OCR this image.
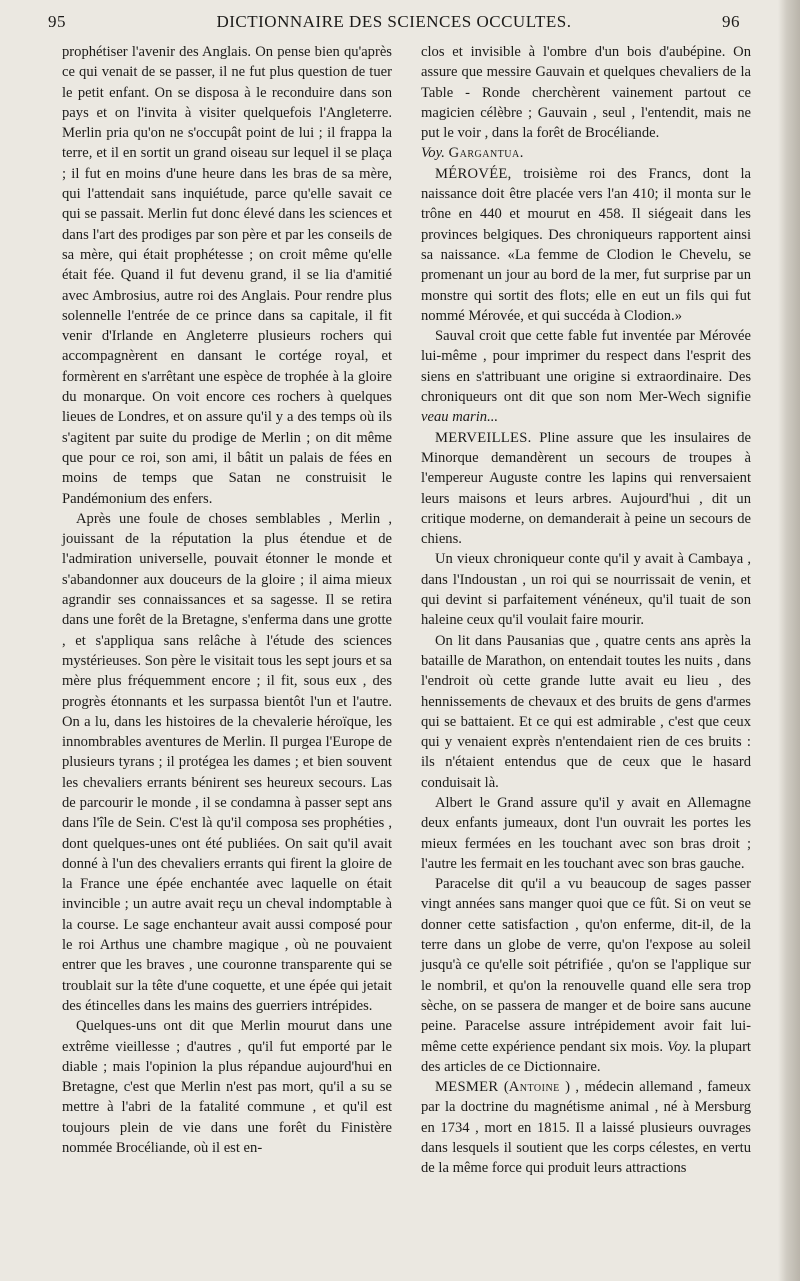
95	DICTIONNAIRE DES SCIENCES OCCULTES.	96

prophétiser l'avenir des Anglais. On pense bien qu'après ce qui venait de se passer, il ne fut plus question de tuer le petit enfant. On se disposa à le reconduire dans son pays et on l'invita à visiter quelquefois l'Angleterre. Merlin pria qu'on ne s'occupât point de lui ; il frappa la terre, et il en sortit un grand oiseau sur lequel il se plaça ; il fut en moins d'une heure dans les bras de sa mère, qui l'attendait sans inquiétude, parce qu'elle savait ce qui se passait. Merlin fut donc élevé dans les sciences et dans l'art des prodiges par son père et par les conseils de sa mère, qui était prophétesse ; on croit même qu'elle était fée. Quand il fut devenu grand, il se lia d'amitié avec Ambrosius, autre roi des Anglais. Pour rendre plus solennelle l'entrée de ce prince dans sa capitale, il fit venir d'Irlande en Angleterre plusieurs rochers qui accompagnèrent en dansant le cortége royal, et formèrent en s'arrêtant une espèce de trophée à la gloire du monarque. On voit encore ces rochers à quelques lieues de Londres, et on assure qu'il y a des temps où ils s'agitent par suite du prodige de Merlin ; on dit même que pour ce roi, son ami, il bâtit un palais de fées en moins de temps que Satan ne construisit le Pandémonium des enfers.

Après une foule de choses semblables , Merlin , jouissant de la réputation la plus étendue et de l'admiration universelle, pouvait étonner le monde et s'abandonner aux douceurs de la gloire ; il aima mieux agrandir ses connaissances et sa sagesse. Il se retira dans une forêt de la Bretagne, s'enferma dans une grotte , et s'appliqua sans relâche à l'étude des sciences mystérieuses. Son père le visitait tous les sept jours et sa mère plus fréquemment encore ; il fit, sous eux , des progrès étonnants et les surpassa bientôt l'un et l'autre. On a lu, dans les histoires de la chevalerie héroïque, les innombrables aventures de Merlin. Il purgea l'Europe de plusieurs tyrans ; il protégea les dames ; et bien souvent les chevaliers errants bénirent ses heureux secours. Las de parcourir le monde , il se condamna à passer sept ans dans l'île de Sein. C'est là qu'il composa ses prophéties , dont quelques-unes ont été publiées. On sait qu'il avait donné à l'un des chevaliers errants qui firent la gloire de la France une épée enchantée avec laquelle on était invincible ; un autre avait reçu un cheval indomptable à la course. Le sage enchanteur avait aussi composé pour le roi Arthus une chambre magique , où ne pouvaient entrer que les braves , une couronne transparente qui se troublait sur la tête d'une coquette, et une épée qui jetait des étincelles dans les mains des guerriers intrépides.

Quelques-uns ont dit que Merlin mourut dans une extrême vieillesse ; d'autres , qu'il fut emporté par le diable ; mais l'opinion la plus répandue aujourd'hui en Bretagne, c'est que Merlin n'est pas mort, qu'il a su se mettre à l'abri de la fatalité commune , et qu'il est toujours plein de vie dans une forêt du Finistère nommée Brocéliande, où il est en-

clos et invisible à l'ombre d'un bois d'aubépine. On assure que messire Gauvain et quelques chevaliers de la Table - Ronde cherchèrent vainement partout ce magicien célèbre ; Gauvain , seul , l'entendit, mais ne put le voir , dans la forêt de Brocéliande.
Voy. Gargantua.

MÉROVÉE, troisième roi des Francs, dont la naissance doit être placée vers l'an 410; il monta sur le trône en 440 et mourut en 458. Il siégeait dans les provinces belgiques. Des chroniqueurs rapportent ainsi sa naissance. «La femme de Clodion le Chevelu, se promenant un jour au bord de la mer, fut surprise par un monstre qui sortit des flots; elle en eut un fils qui fut nommé Mérovée, et qui succéda à Clodion.»

Sauval croit que cette fable fut inventée par Mérovée lui-même , pour imprimer du respect dans l'esprit des siens en s'attribuant une origine si extraordinaire. Des chroniqueurs ont dit que son nom Mer-Wech signifie veau marin...

MERVEILLES. Pline assure que les insulaires de Minorque demandèrent un secours de troupes à l'empereur Auguste contre les lapins qui renversaient leurs maisons et leurs arbres. Aujourd'hui , dit un critique moderne, on demanderait à peine un secours de chiens.

Un vieux chroniqueur conte qu'il y avait à Cambaya , dans l'Indoustan , un roi qui se nourrissait de venin, et qui devint si parfaitement vénéneux, qu'il tuait de son haleine ceux qu'il voulait faire mourir.

On lit dans Pausanias que , quatre cents ans après la bataille de Marathon, on entendait toutes les nuits , dans l'endroit où cette grande lutte avait eu lieu , des hennissements de chevaux et des bruits de gens d'armes qui se battaient. Et ce qui est admirable , c'est que ceux qui y venaient exprès n'entendaient rien de ces bruits : ils n'étaient entendus que de ceux que le hasard conduisait là.

Albert le Grand assure qu'il y avait en Allemagne deux enfants jumeaux, dont l'un ouvrait les portes les mieux fermées en les touchant avec son bras droit ; l'autre les fermait en les touchant avec son bras gauche.

Paracelse dit qu'il a vu beaucoup de sages passer vingt années sans manger quoi que ce fût. Si on veut se donner cette satisfaction , qu'on enferme, dit-il, de la terre dans un globe de verre, qu'on l'expose au soleil jusqu'à ce qu'elle soit pétrifiée , qu'on se l'applique sur le nombril, et qu'on la renouvelle quand elle sera trop sèche, on se passera de manger et de boire sans aucune peine. Paracelse assure intrépidement avoir fait lui-même cette expérience pendant six mois. Voy. la plupart des articles de ce Dictionnaire.

MESMER (Antoine ) , médecin allemand , fameux par la doctrine du magnétisme animal , né à Mersburg en 1734 , mort en 1815. Il a laissé plusieurs ouvrages dans lesquels il soutient que les corps célestes, en vertu de la même force qui produit leurs attractions
